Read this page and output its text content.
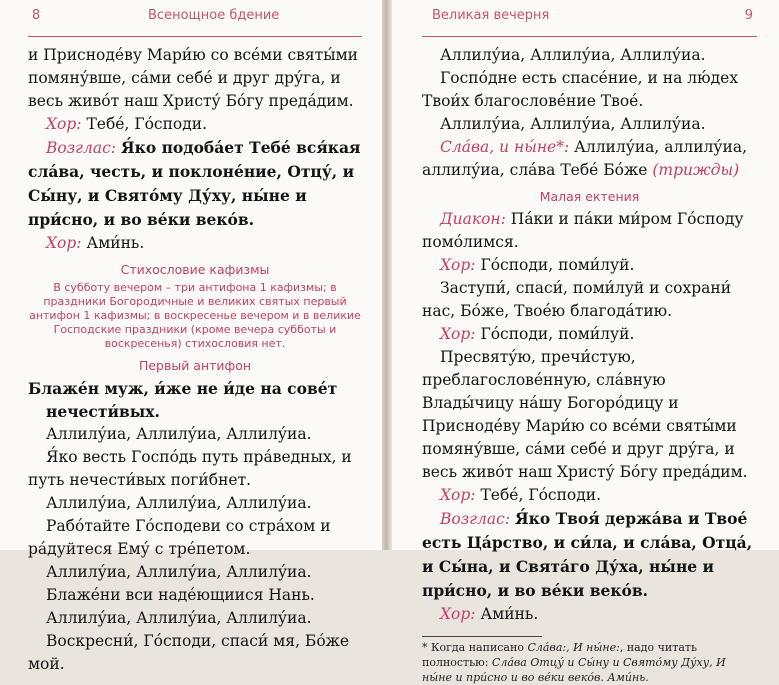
8	Всенощное бдение

и Присноде́ву Мари́ю со все́ми святы́ми помяну́вше, са́ми себе́ и друг дру́га, и весь живо́т наш Христу́ Бо́гу преда́дим.

Хор: Тебе́, Го́споди.

Возглас: Я́ко подоба́ет Тебе́ вся́кая сла́ва, честь, и поклоне́ние, Отцу́, и Сы́ну, и Свято́му Ду́ху, ны́не и при́сно, и во ве́ки веко́в.

Хор: Ами́нь.

Стихословие кафизмы
В субботу вечером – три антифона 1 кафизмы; в праздники Богородичные и великих святых первый антифон 1 кафизмы; в воскресенье вечером и в великие Господские праздники (кроме вечера субботы и воскресенья) стихословия нет.
Первый антифон

Блаже́н муж, и́же не и́де на сове́т нечести́вых.

Аллилу́иа, Аллилу́иа, Аллилу́иа.

Я́ко весть Госпо́дь путь пра́ведных, и путь нечести́вых поги́бнет.

Аллилу́иа, Аллилу́иа, Аллилу́иа.

Рабо́тайте Го́сподеви со стра́хом и ра́дуйтеся Ему́ с тре́петом.

Аллилу́иа, Аллилу́иа, Аллилу́иа.

Блаже́ни вси наде́ющиися Нань.

Аллилу́иа, Аллилу́иа, Аллилу́иа.

Воскресни́, Го́споди, спаси́ мя, Бо́же мой.

Великая вечерня	9

Аллилу́иа, Аллилу́иа, Аллилу́иа.

Госпо́дне есть спасе́ние, и на лю́дех Твои́х благослове́ние Твое́.

Аллилу́иа, Аллилу́иа, Аллилу́иа.

Сла́ва, и ны́не*: Аллилу́иа, аллилу́иа, аллилу́иа, сла́ва Тебе́ Бо́же (трижды)

Малая ектения

Диакон: Па́ки и па́ки ми́ром Го́споду помо́лимся.

Хор: Го́споди, поми́луй.

Заступи́, спаси́, поми́луй и сохрани́ нас, Бо́же, Твое́ю благода́тию.

Хор: Го́споди, поми́луй.

Пресвяту́ю, пречи́стую, преблагослове́нную, сла́вную Влады́чицу на́шу Богоро́дицу и Присноде́ву Мари́ю со все́ми святы́ми помяну́вше, са́ми себе́ и друг дру́га, и весь живо́т наш Христу́ Бо́гу преда́дим.

Хор: Тебе́, Го́споди.

Возглас: Я́ко Твоя́ держа́ва и Твое́ есть Ца́рство, и си́ла, и сла́ва, Отца́, и Сы́на, и Свята́го Ду́ха, ны́не и при́сно, и во ве́ки веко́в.

Хор: Ами́нь.

* Когда написано Сла́ва:, И ны́не:, надо читать полностью: Сла́ва Отцу́ и Сы́ну и Свято́му Ду́ху, И ны́не и при́сно и во ве́ки веко́в. Ами́нь.
